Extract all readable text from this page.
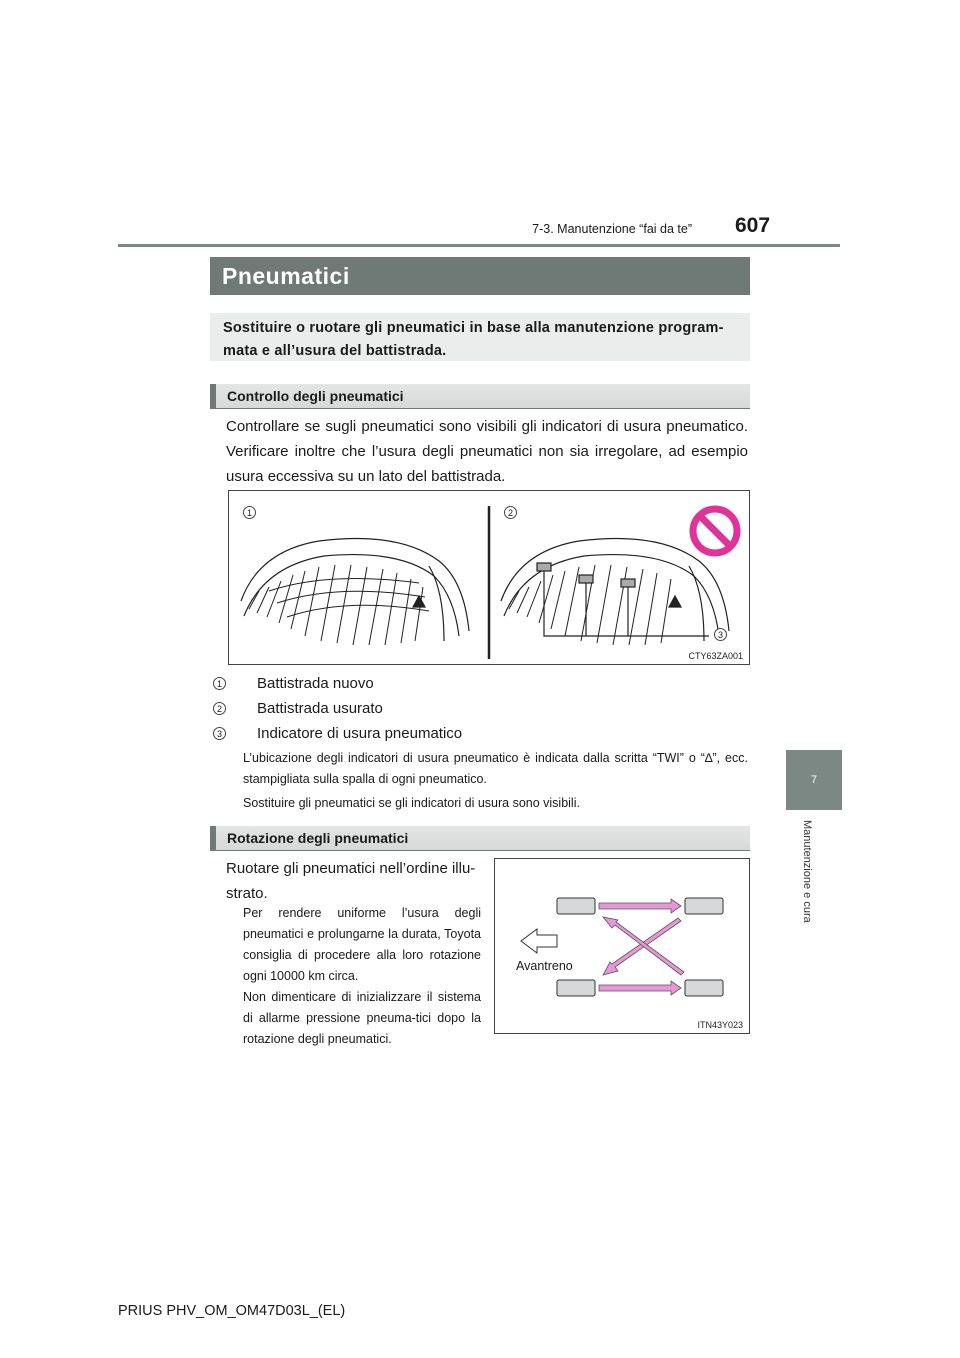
7-3. Manutenzione “fai da te” 607
7
Manutenzione e cura
Pneumatici
Sostituire o ruotare gli pneumatici in base alla manutenzione program-mata e all’usura del battistrada.
Controllo degli pneumatici
Controllare se sugli pneumatici sono visibili gli indicatori di usura pneumatico. Verificare inoltre che l’usura degli pneumatici non sia irregolare, ad esempio usura eccessiva su un lato del battistrada.
1	2
3
CTY63ZA001
1	Battistrada nuovo
2	Battistrada usurato
3	Indicatore di usura pneumatico
L’ubicazione degli indicatori di usura pneumatico è indicata dalla scritta “TWI” o “∆”, ecc. stampigliata sulla spalla di ogni pneumatico.
Sostituire gli pneumatici se gli indicatori di usura sono visibili.
Rotazione degli pneumatici
Ruotare gli pneumatici nell’ordine illu-strato.
Per rendere uniforme l’usura degli pneumatici e prolungarne la durata, Toyota consiglia di procedere alla loro rotazione ogni 10000 km circa.
Non dimenticare di inizializzare il sistema di allarme pressione pneuma-tici dopo la rotazione degli pneumatici.
Avantreno
ITN43Y023
PRIUS PHV_OM_OM47D03L_(EL)
